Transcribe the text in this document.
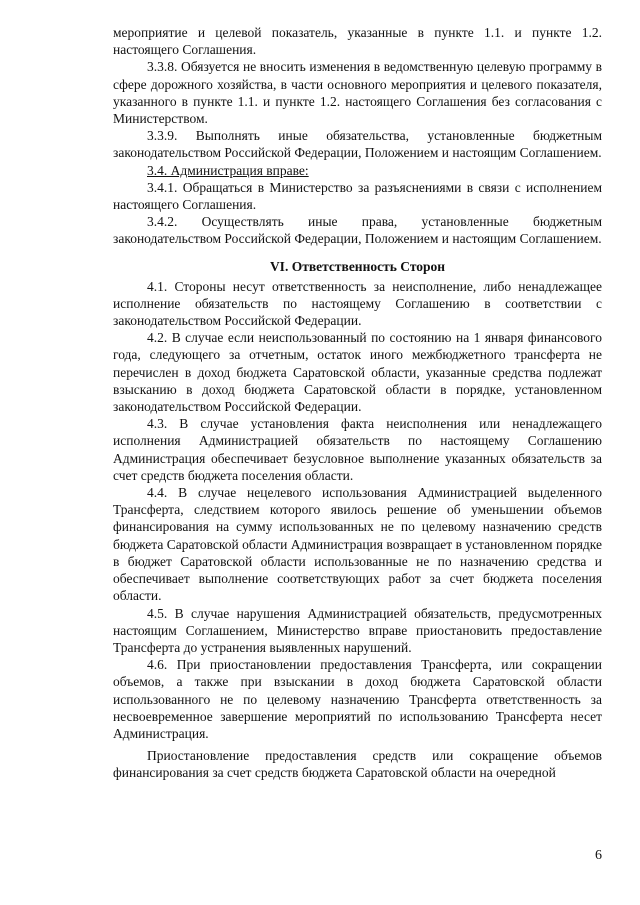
мероприятие и целевой показатель, указанные в пункте 1.1. и пункте 1.2. настоящего Соглашения.

3.3.8. Обязуется не вносить изменения в ведомственную целевую программу в сфере дорожного хозяйства, в части основного мероприятия и целевого показателя, указанного в пункте 1.1. и пункте 1.2. настоящего Соглашения без согласования с Министерством.

3.3.9. Выполнять иные обязательства, установленные бюджетным законодательством Российской Федерации, Положением и настоящим Соглашением.

3.4. Администрация вправе:

3.4.1. Обращаться в Министерство за разъяснениями в связи с исполнением настоящего Соглашения.

3.4.2. Осуществлять иные права, установленные бюджетным законодательством Российской Федерации, Положением и настоящим Соглашением.

VI. Ответственность Сторон

4.1. Стороны несут ответственность за неисполнение, либо ненадлежащее исполнение обязательств по настоящему Соглашению в соответствии с законодательством Российской Федерации.

4.2. В случае если неиспользованный по состоянию на 1 января финансового года, следующего за отчетным, остаток иного межбюджетного трансферта не перечислен в доход бюджета Саратовской области, указанные средства подлежат взысканию в доход бюджета Саратовской области в порядке, установленном законодательством Российской Федерации.

4.3. В случае установления факта неисполнения или ненадлежащего исполнения Администрацией обязательств по настоящему Соглашению Администрация обеспечивает безусловное выполнение указанных обязательств за счет средств бюджета поселения области.

4.4. В случае нецелевого использования Администрацией выделенного Трансферта, следствием которого явилось решение об уменьшении объемов финансирования на сумму использованных не по целевому назначению средств бюджета Саратовской области Администрация возвращает в установленном порядке в бюджет Саратовской области использованные не по назначению средства и обеспечивает выполнение соответствующих работ за счет бюджета поселения области.

4.5. В случае нарушения Администрацией обязательств, предусмотренных настоящим Соглашением, Министерство вправе приостановить предоставление Трансферта до устранения выявленных нарушений.

4.6. При приостановлении предоставления Трансферта, или сокращении объемов, а также при взыскании в доход бюджета Саратовской области использованного не по целевому назначению Трансферта ответственность за несвоевременное завершение мероприятий по использованию Трансферта несет Администрация.

Приостановление предоставления средств или сокращение объемов финансирования за счет средств бюджета Саратовской области на очередной

6
